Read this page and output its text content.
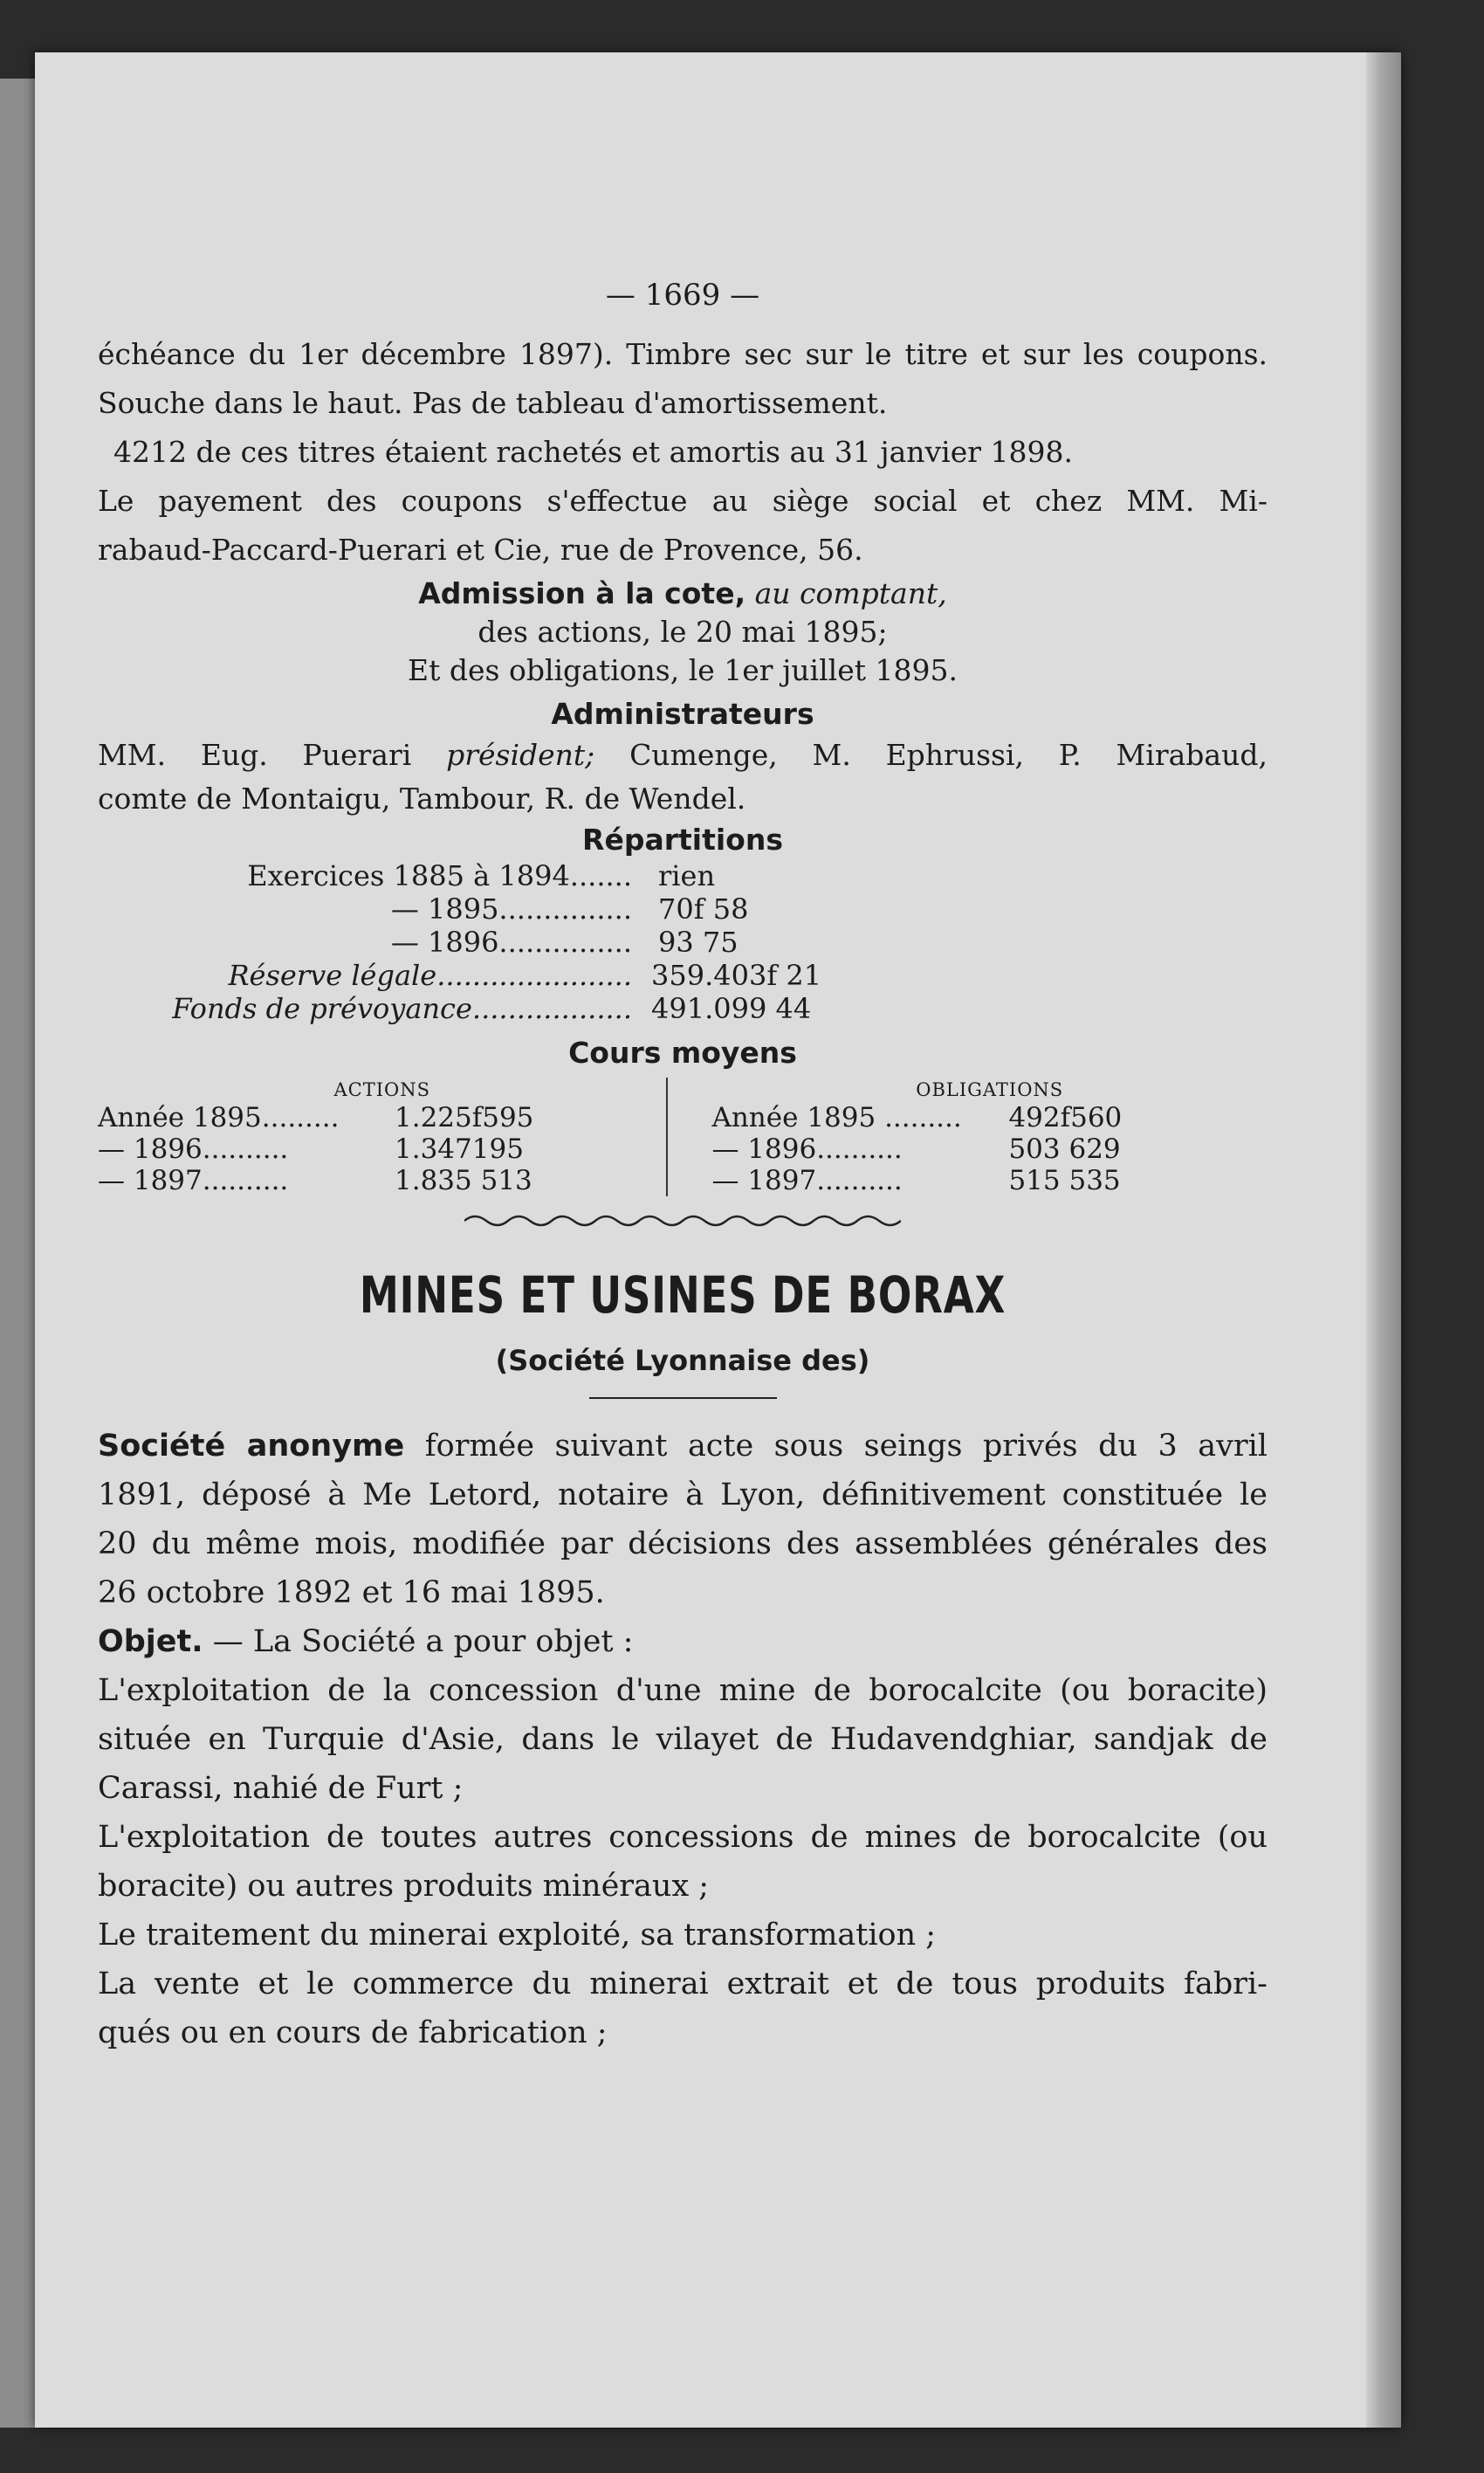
— 1669 —

échéance du 1er décembre 1897). Timbre sec sur le titre et sur les coupons.

Souche dans le haut. Pas de tableau d'amortissement.

4212 de ces titres étaient rachetés et amortis au 31 janvier 1898.

Le payement des coupons s'effectue au siège social et chez MM. Mi-

rabaud-Paccard-Puerari et Cie, rue de Provence, 56.

Admission à la cote, au comptant,
des actions, le 20 mai 1895;
Et des obligations, le 1er juillet 1895.
Administrateurs
MM. Eug. Puerari président; Cumenge, M. Ephrussi, P. Mirabaud,
comte de Montaigu, Tambour, R. de Wendel.
Répartitions
Exercices 1885 à 1894....... rien
— 1895............... 70f 58
— 1896............... 93 75
Réserve légale...................... 359.403f 21
Fonds de prévoyance.................. 491.099 44
Cours moyens
ACTIONS
Année 1895.........	1.225f595
— 1896..........	1.347195
— 1897..........	1.835 513
OBLIGATIONS
Année 1895 .........	492f560
— 1896..........	503 629
— 1897..........	515 535
MINES ET USINES DE BORAX
(Société Lyonnaise des)

Société anonyme formée suivant acte sous seings privés du 3 avril

1891, déposé à Me Letord, notaire à Lyon, définitivement constituée le

20 du même mois, modifiée par décisions des assemblées générales des

26 octobre 1892 et 16 mai 1895.

Objet. — La Société a pour objet :

L'exploitation de la concession d'une mine de borocalcite (ou boracite)

située en Turquie d'Asie, dans le vilayet de Hudavendghiar, sandjak de

Carassi, nahié de Furt ;

L'exploitation de toutes autres concessions de mines de borocalcite (ou

boracite) ou autres produits minéraux ;

Le traitement du minerai exploité, sa transformation ;

La vente et le commerce du minerai extrait et de tous produits fabri-

qués ou en cours de fabrication ;
